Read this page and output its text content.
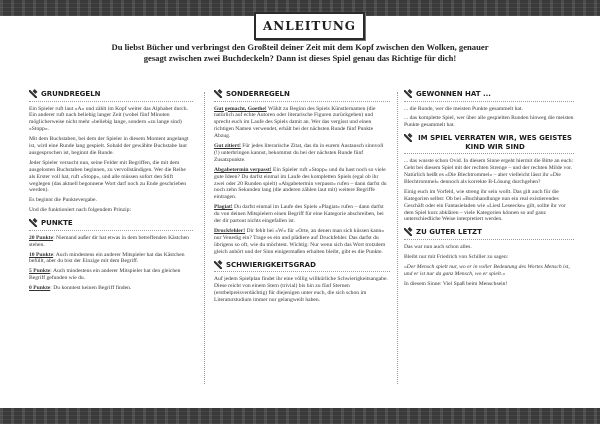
ANLEITUNG
Du liebst Bücher und verbringst den Großteil deiner Zeit mit dem Kopf zwischen den Wolken, genauer
gesagt zwischen zwei Buchdeckeln? Dann ist dieses Spiel genau das Richtige für dich!
GRUNDREGELN

Ein Spieler ruft laut »A« und zählt im Kopf weiter das Alphabet durch. Ein anderer ruft nach beliebig langer Zeit (wobei fünf Minuten möglicherweise nicht mehr »beliebig lange, sondern »zu lange sind) »Stopp«.

Mit dem Buchstaben, bei dem der Spieler in diesem Moment angelangt ist, wird eine Runde lang gespielt. Sobald der gewählte Buchstabe laut ausgesprochen ist, beginnt die Runde.

Jeder Spieler versucht nun, seine Felder mit Begriffen, die mit dem ausgelosten Buchstaben beginnen, zu vervollständigen. Wer die Reihe als Erster voll hat, ruft »Stopp«, und alle müssen sofort den Stift weglegen (das aktuell begonnene Wort darf noch zu Ende geschrieben werden).

Es beginnt die Punktevergabe.

Und die funktioniert nach folgendem Prinzip:

PUNKTE

20 Punkte: Niemand außer dir hat etwas in dem betreffenden Kästchen stehen.

10 Punkte: Auch mindestens ein anderer Mitspieler hat das Kästchen befüllt, aber du bist der Einzige mit dem Begriff.

5 Punkte: Auch mindestens ein anderer Mitspieler hat den gleichen Begriff gefunden wie du.

0 Punkte: Du konntest keinen Begriff finden.

SONDERREGELN

Gut gemacht, Goethe! Wählt zu Beginn des Spiels Künstlernamen (die natürlich auf echte Autoren oder literarische Figuren zurückgehen) und sprecht euch im Laufe des Spiels damit an. Wer das vergisst und einen richtigen Namen verwendet, erhält bei der nächsten Runde fünf Punkte Abzug.

Gut zitiert! Für jedes literarische Zitat, das du in eurem Austausch sinnvoll (!) unterbringen kannst, bekommst du bei der nächsten Runde fünf Zusatzpunkte.

Abgabetermin verpasst! Ein Spieler ruft »Stopp« und du hast noch so viele gute Ideen? Du darfst einmal im Laufe des kompletten Spiels (egal ob ihr zwei oder 20 Runden spielt) »Abgabetermin verpasst« rufen – dann darfst du noch zehn Sekunden lang (die anderen zählen laut mit) weitere Begriffe eintragen.

Plagiat! Du darfst einmal im Laufe des Spiels »Plagiat« rufen – dann darfst du von deinen Mitspielern einen Begriff für eine Kategorie abschreiben, bei der dir partout nichts eingefallen ist.

Druckfehler! Dir fehlt bei »W« für »Orte, an denen man sich küssen kann« nur Venedig ein? Trage es ein und plädiere auf Druckfehler. Das darfst du übrigens so oft, wie du möchtest. Wichtig: Nur wenn sich das Wort trotzdem gleich anhört und der Sinn einigermaßen erhalten bleibt, gibt es die Punkte.

SCHWIERIGKEITSGRAD

Auf jedem Spielplan findet ihr eine völlig willkürliche Schwierigkeitsangabe. Diese reicht von einem Stern (trivial) bis hin zu fünf Sternen (erstbelpreisverdächtig) für diejenigen unter euch, die sich schon im Literaturstudium immer nur gelangweilt haben.

GEWONNEN HAT ...

... die Runde, wer die meisten Punkte gesammelt hat.

... das komplette Spiel, wer über alle gespielten Runden hinweg die meisten Punkte gesammelt hat.

IM SPIEL VERRATEN WIR, WES GEISTES KIND WIR SIND

... das wusste schon Ovid. In diesem Sinne ergeht hiermit die Bitte an euch: Geht bei diesem Spiel mit der rechten Strenge – und der rechten Milde vor. Natürlich heißt es »Die Blechtrommel« – aber vielleicht lässt ihr »Die Blechtrommel« dennoch als korrekte B-Lösung durchgehen?

Einig euch im Vorfeld, wie streng ihr sein wollt. Das gilt auch für die Kategorien selbst: Ob bei »Buchhandlunge nun ein real existierendes Geschäft oder ein Fantasieladen wie »Liesl Leseecke« gilt, sollte ihr vor dem Spiel kurz abklären – viele Kategorien können so auf ganz unterschiedliche Weise interpretiert werden.

ZU GUTER LETZT

Das war nun auch schon alles.

Bleibt nur mit Friedrich von Schiller zu sagen:

»Der Mensch spielt nur, wo er in voller Bedeutung des Wortes Mensch ist, und er ist nur da ganz Mensch, wo er spielt.«

In diesem Sinne: Viel Spaß beim Menschsein!
